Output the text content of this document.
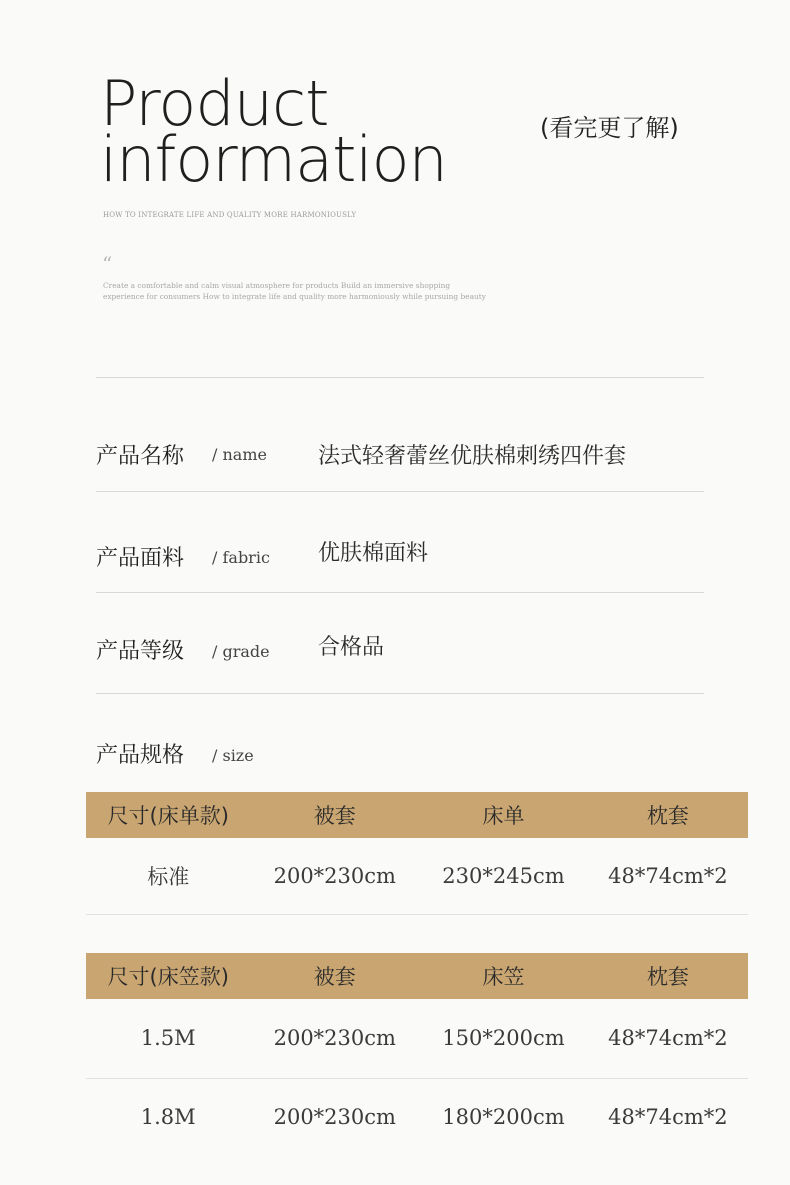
Product
information	(看完更了解)
HOW TO INTEGRATE LIFE AND QUALITY MORE HARMONIOUSLY
“
Create a comfortable and calm visual atmosphere for products Build an immersive shopping experience for consumers How to integrate life and quality more harmoniously while pursuing beauty
产品名称 / name 法式轻奢蕾丝优肤棉刺绣四件套
产品面料 / fabric 优肤棉面料
产品等级 / grade 合格品
产品规格 / size
尺寸(床单款)	被套	床单	枕套
标准	200*230cm	230*245cm	48*74cm*2
尺寸(床笠款)	被套	床笠	枕套
1.5M	200*230cm	150*200cm	48*74cm*2
1.8M	200*230cm	180*200cm	48*74cm*2
